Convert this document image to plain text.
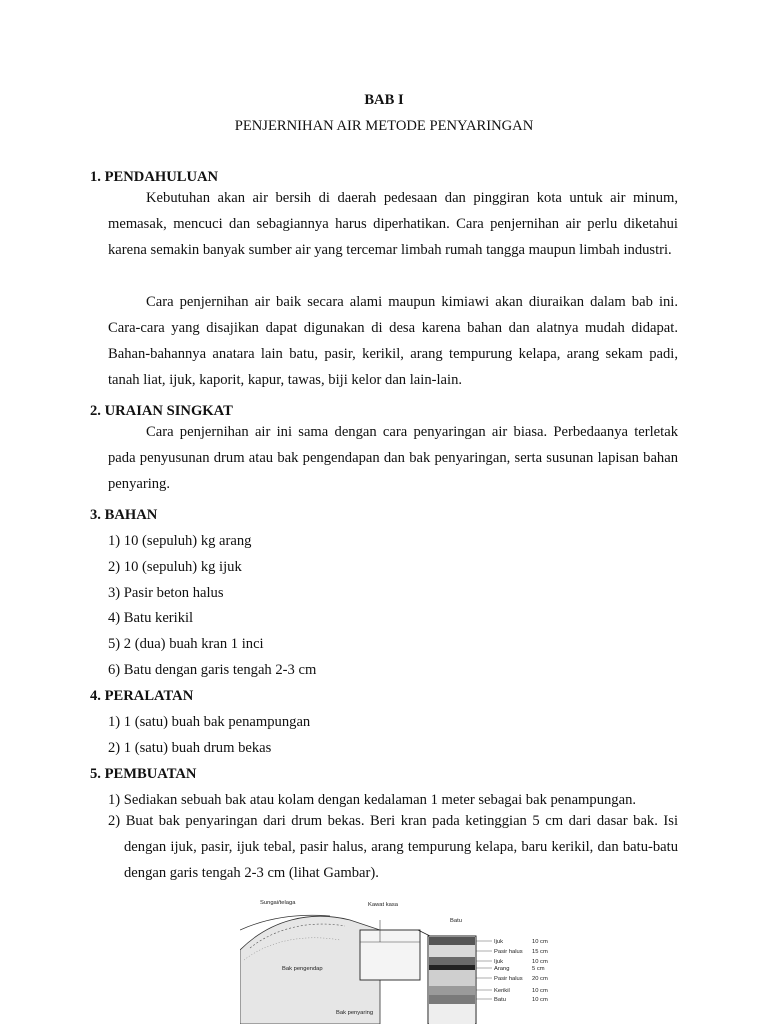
BAB I

PENJERNIHAN AIR METODE PENYARINGAN

1. PENDAHULUAN

Kebutuhan akan air bersih di daerah pedesaan dan pinggiran kota untuk air minum, memasak, mencuci dan sebagiannya harus diperhatikan. Cara penjernihan air perlu diketahui karena semakin banyak sumber air yang tercemar limbah rumah tangga maupun limbah industri.

Cara penjernihan air baik secara alami maupun kimiawi akan diuraikan dalam bab ini. Cara-cara yang disajikan dapat digunakan di desa karena bahan dan alatnya mudah didapat. Bahan-bahannya anatara lain batu, pasir, kerikil, arang tempurung kelapa, arang sekam padi, tanah liat, ijuk, kaporit, kapur, tawas, biji kelor dan lain-lain.

2. URAIAN SINGKAT

Cara penjernihan air ini sama dengan cara penyaringan air biasa. Perbedaanya terletak pada penyusunan drum atau bak pengendapan dan bak penyaringan, serta susunan lapisan bahan penyaring.

3. BAHAN

1) 10 (sepuluh) kg arang

2) 10 (sepuluh) kg ijuk

3) Pasir beton halus

4) Batu kerikil

5) 2 (dua) buah kran 1 inci

6) Batu dengan garis tengah 2-3 cm

4. PERALATAN

1) 1 (satu) buah bak penampungan

2) 1 (satu) buah drum bekas

5. PEMBUATAN

1) Sediakan sebuah bak atau kolam dengan kedalaman 1 meter sebagai bak penampungan.

2) Buat bak penyaringan dari drum bekas. Beri kran pada ketinggian 5 cm dari dasar bak. Isi dengan ijuk, pasir, ijuk tebal, pasir halus, arang tempurung kelapa, baru kerikil, dan batu-batu dengan garis tengah 2-3 cm (lihat Gambar).

Sungai/telaga	Kawat kasa
Batu
Bak pengendap
Bak penyaring
Ijuk	10 cm
Pasir halus 15 cm
Ijuk	10 cm
Arang	5 cm
Pasir halus 20 cm
Kerikil	10 cm
Batu	10 cm
